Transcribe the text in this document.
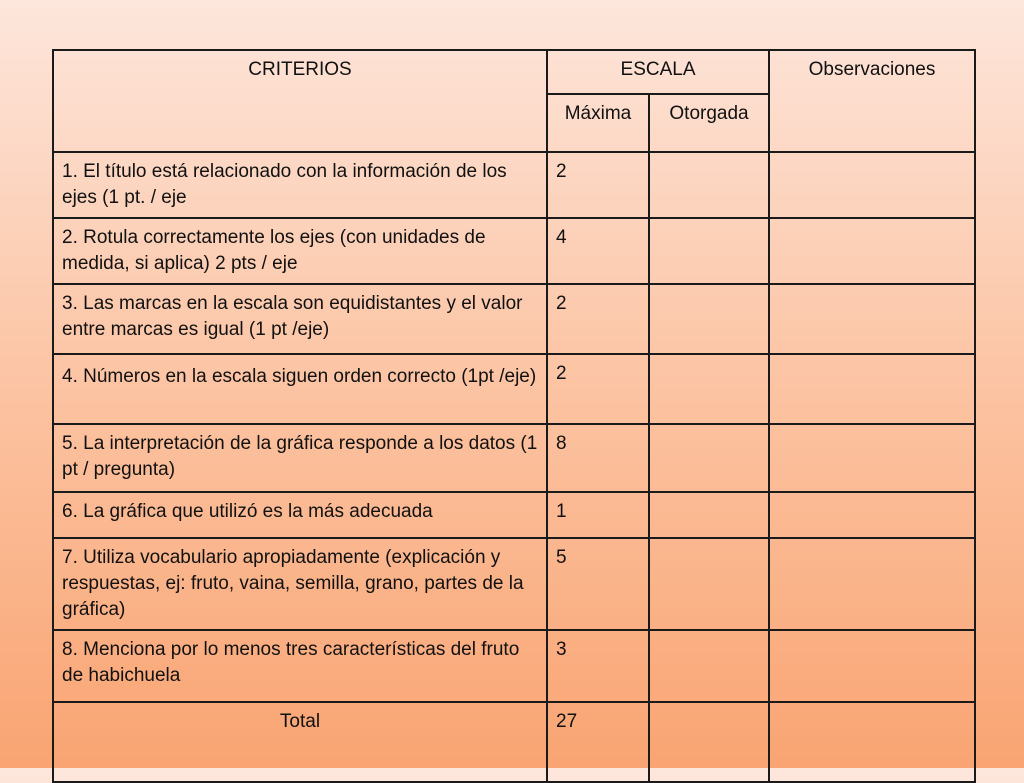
CRITERIOS	ESCALA		Observaciones
	Máxima	Otorgada	
1. El título está relacionado con la información de los ejes (1 pt. / eje	2		
2. Rotula correctamente los ejes (con unidades de medida, si aplica) 2 pts / eje	4		
3. Las marcas en la escala son equidistantes y el valor entre marcas es igual (1 pt /eje)	2		
4. Números en la escala siguen orden correcto (1pt /eje)	2		
5. La interpretación de la gráfica responde a los datos (1 pt / pregunta)	8		
6. La gráfica que utilizó es la más adecuada	1		
7. Utiliza vocabulario apropiadamente (explicación y respuestas, ej: fruto, vaina, semilla, grano, partes de la gráfica)	5		
8. Menciona por lo menos tres características del fruto de habichuela	3		
Total	27		
